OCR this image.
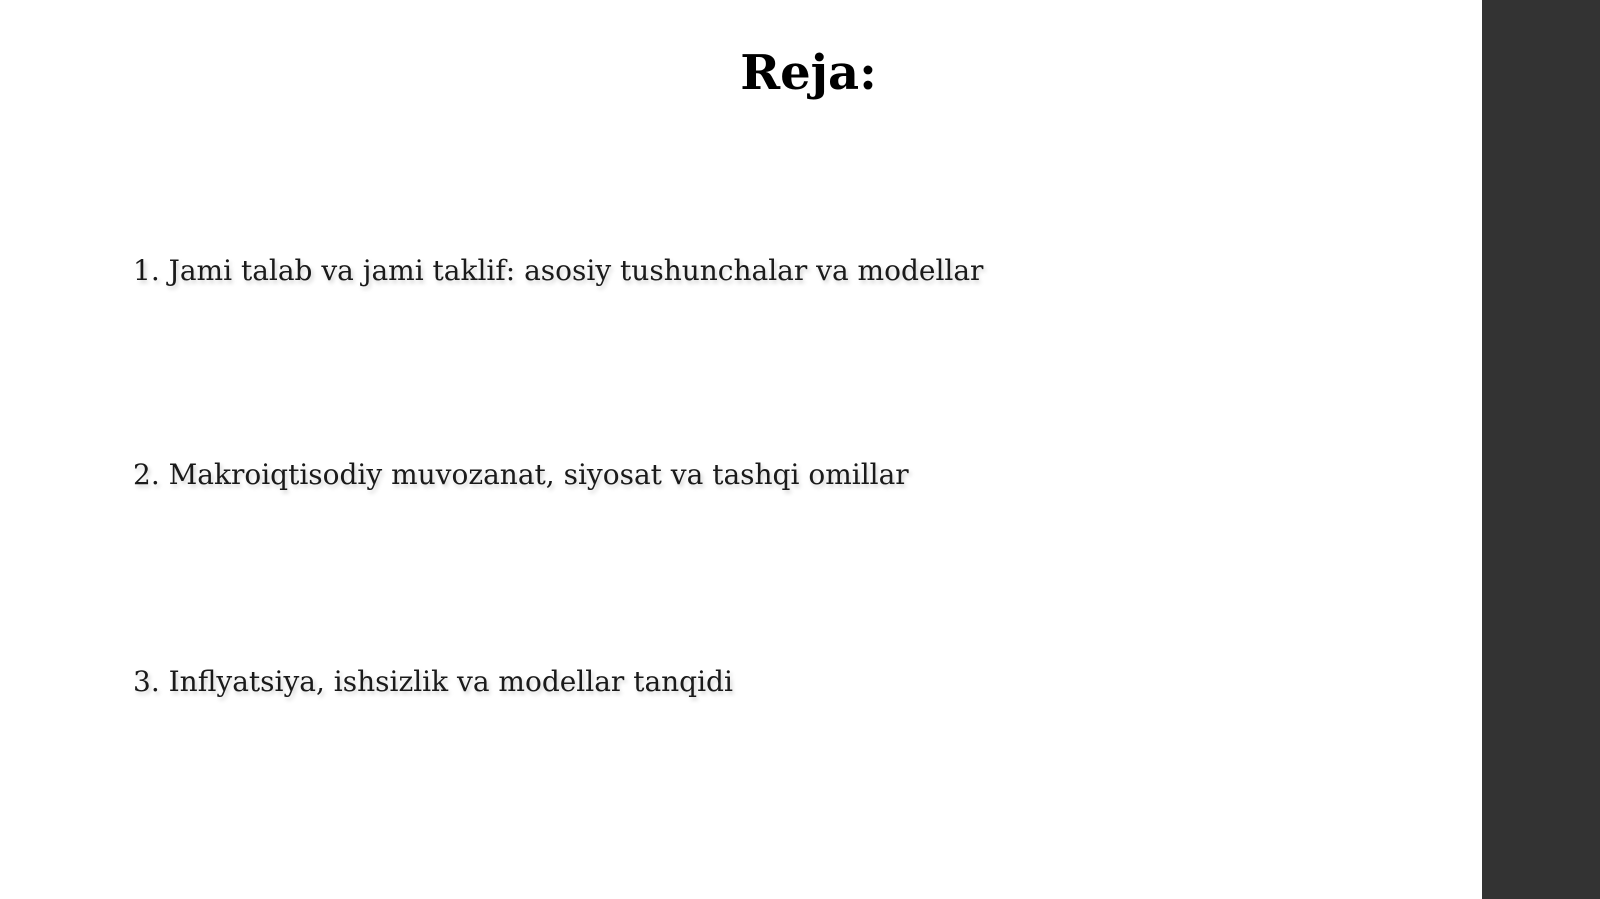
Reja:
1. Jami talab va jami taklif: asosiy tushunchalar va modellar
2. Makroiqtisodiy muvozanat, siyosat va tashqi omillar
3. Inflyatsiya, ishsizlik va modellar tanqidi
